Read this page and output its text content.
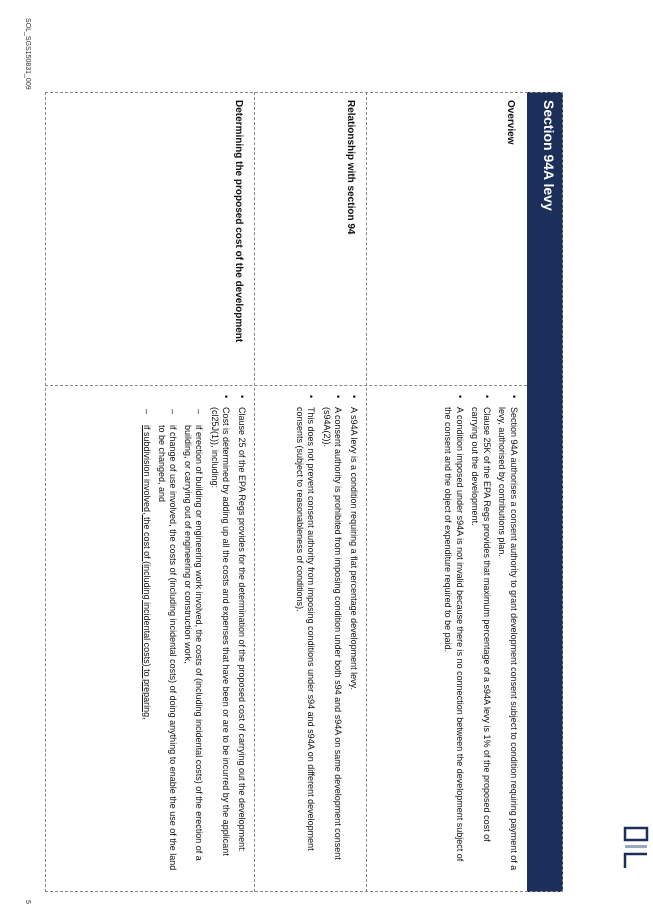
Section 94A levy
Overview
• Section 94A authorises a consent authority to grant development consent subject to condition requiring payment of a levy, authorised by contributions plan.
• Clause 25K of the EPA Regs provides that maximum percentage of a s94A levy is 1% of the proposed cost of carrying out the development.
• A condition imposed under s94A is not invalid because there is no connection between the development subject of the consent and the object of expenditure required to be paid.
Relationship with section 94
• A s94A levy is a condition requiring a flat percentage development levy.
• A consent authority is prohibited from imposing condition under both s94 and s94A on same development consent (s94A(2)).
• This does not prevent consent authority from imposing conditions under s94 and s94A on different development consents (subject to reasonableness of conditions).
Determining the proposed cost of the development
• Clause 25 of the EPA Regs provides for the determination of the proposed cost of carrying out the development:
• Cost is determined by adding up all the costs and expenses that have been or are to be incurred by the applicant (cl25J(1)), including:
– if erection of building or engineering work involved, the costs of (including incidental costs) of the erection of a building, or carrying out of engineering or construction work,
– if change of use involved, the costs of (including incidental costs) of doing anything to enable the use of the land to be changed, and
– if subdivision involved, the cost of (including incidental costs) to preparing,
SOL_SGS150831_009
5
